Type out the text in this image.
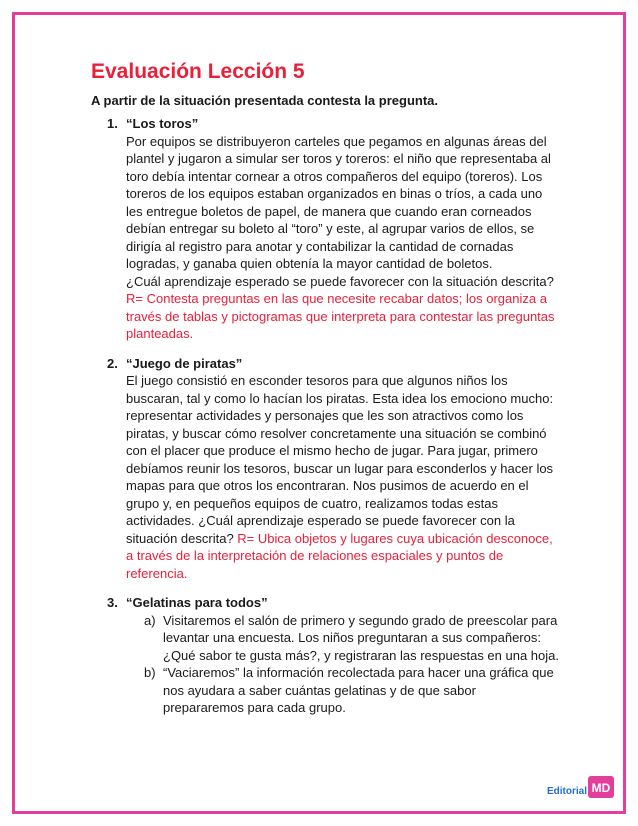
Evaluación Lección 5

A partir de la situación presentada contesta la pregunta.

1. “Los toros”

Por equipos se distribuyeron carteles que pegamos en algunas áreas del plantel y jugaron a simular ser toros y toreros: el niño que representaba al toro debía intentar cornear a otros compañeros del equipo (toreros). Los toreros de los equipos estaban organizados en binas o tríos, a cada uno les entregue boletos de papel, de manera que cuando eran corneados debían entregar su boleto al “toro” y este, al agrupar varios de ellos, se dirigía al registro para anotar y contabilizar la cantidad de cornadas logradas, y ganaba quien obtenía la mayor cantidad de boletos.
¿Cuál aprendizaje esperado se puede favorecer con la situación descrita? R= Contesta preguntas en las que necesite recabar datos; los organiza a través de tablas y pictogramas que interpreta para contestar las preguntas planteadas.

2. “Juego de piratas”

El juego consistió en esconder tesoros para que algunos niños los buscaran, tal y como lo hacían los piratas. Esta idea los emociono mucho: representar actividades y personajes que les son atractivos como los piratas, y buscar cómo resolver concretamente una situación se combinó con el placer que produce el mismo hecho de jugar. Para jugar, primero debíamos reunir los tesoros, buscar un lugar para esconderlos y hacer los mapas para que otros los encontraran. Nos pusimos de acuerdo en el grupo y, en pequeños equipos de cuatro, realizamos todas estas actividades. ¿Cuál aprendizaje esperado se puede favorecer con la situación descrita? R= Ubica objetos y lugares cuya ubicación desconoce, a través de la interpretación de relaciones espaciales y puntos de referencia.

3. “Gelatinas para todos”
a) Visitaremos el salón de primero y segundo grado de preescolar para levantar una encuesta. Los niños preguntaran a sus compañeros: ¿Qué sabor te gusta más?, y registraran las respuestas en una hoja.

b) “Vaciaremos” la información recolectada para hacer una gráfica que nos ayudara a saber cuántas gelatinas y de que sabor prepararemos para cada grupo.

Editorial MD
